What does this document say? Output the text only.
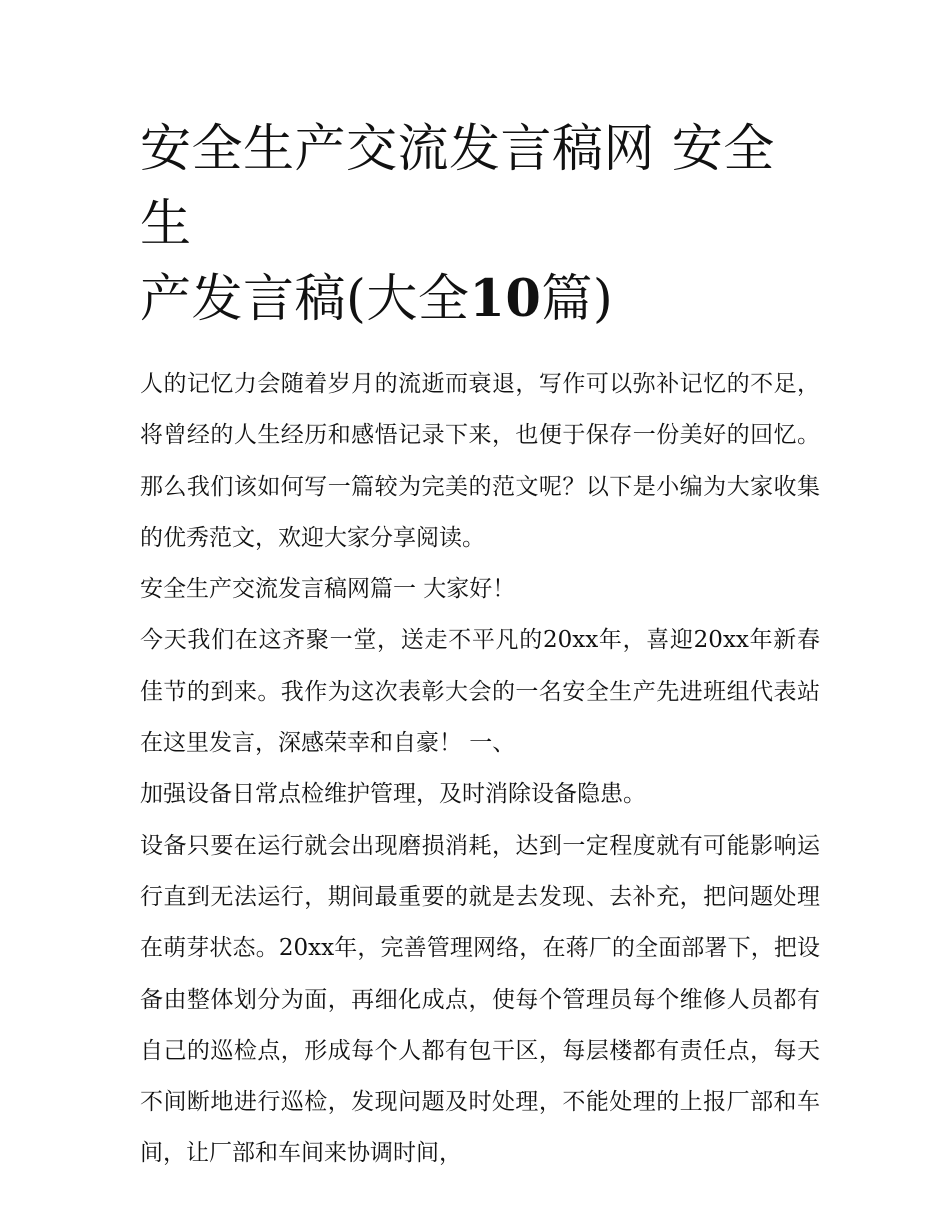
安全生产交流发言稿网 安全生
产发言稿(大全10篇)

人的记忆力会随着岁月的流逝而衰退，写作可以弥补记忆的不足，将曾经的人生经历和感悟记录下来，也便于保存一份美好的回忆。那么我们该如何写一篇较为完美的范文呢？以下是小编为大家收集的优秀范文，欢迎大家分享阅读。

安全生产交流发言稿网篇一 大家好！

今天我们在这齐聚一堂，送走不平凡的20xx年，喜迎20xx年新春佳节的到来。我作为这次表彰大会的一名安全生产先进班组代表站在这里发言，深感荣幸和自豪！ 一、

加强设备日常点检维护管理，及时消除设备隐患。

设备只要在运行就会出现磨损消耗，达到一定程度就有可能影响运行直到无法运行，期间最重要的就是去发现、去补充，把问题处理在萌芽状态。20xx年，完善管理网络，在蒋厂的全面部署下，把设备由整体划分为面，再细化成点，使每个管理员每个维修人员都有自己的巡检点，形成每个人都有包干区，每层楼都有责任点，每天不间断地进行巡检，发现问题及时处理，不能处理的上报厂部和车间，让厂部和车间来协调时间，
